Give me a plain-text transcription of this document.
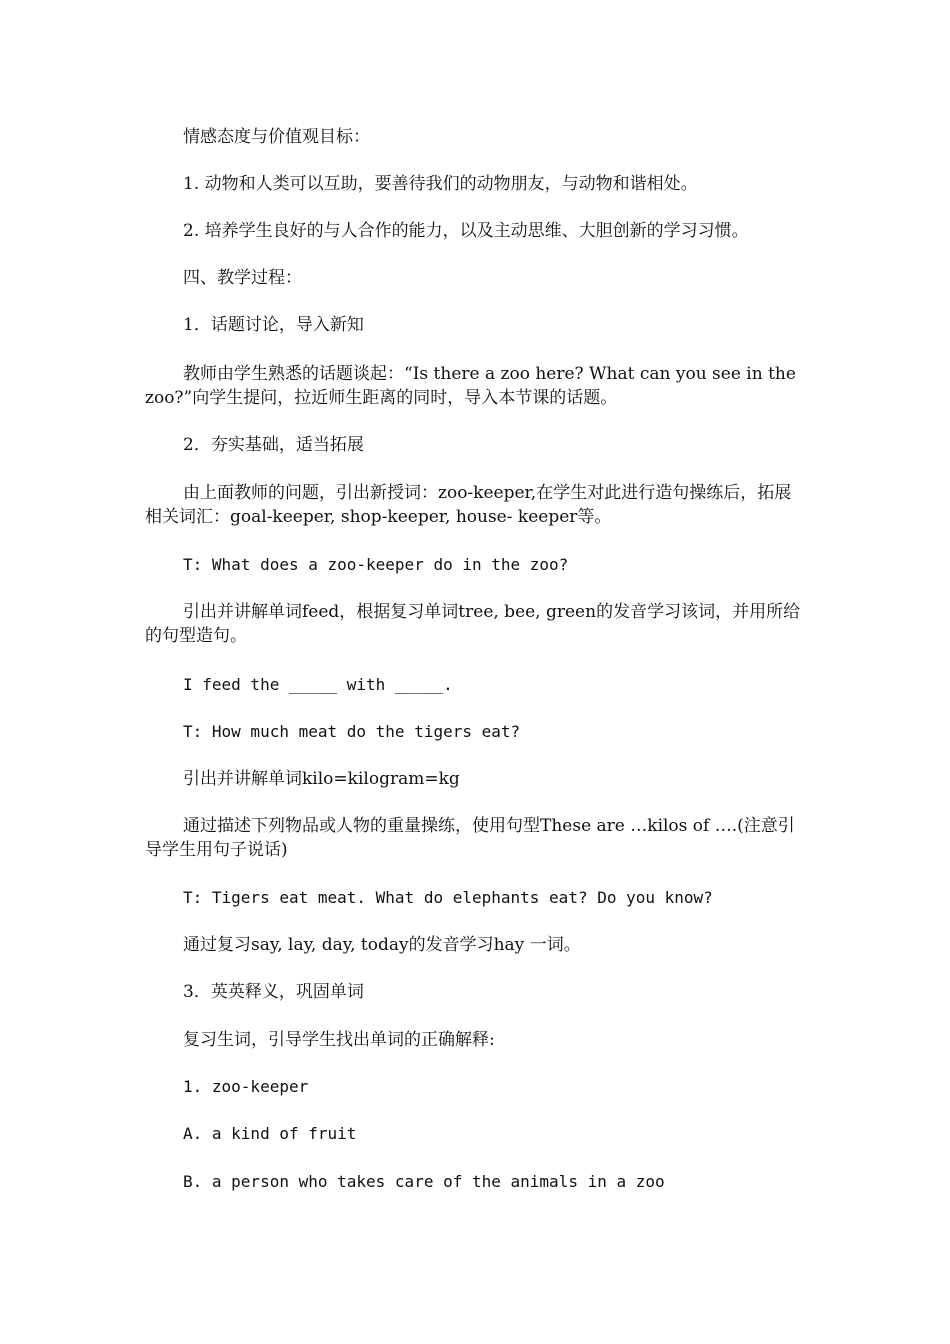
情感态度与价值观目标：

1. 动物和人类可以互助，要善待我们的动物朋友，与动物和谐相处。

2. 培养学生良好的与人合作的能力，以及主动思维、大胆创新的学习习惯。

四、教学过程：

1．话题讨论，导入新知

教师由学生熟悉的话题谈起：“Is there a zoo here? What can you see in the zoo?”向学生提问，拉近师生距离的同时，导入本节课的话题。

2．夯实基础，适当拓展

由上面教师的问题，引出新授词：zoo-keeper,在学生对此进行造句操练后，拓展相关词汇：goal-keeper, shop-keeper, house- keeper等。

T: What does a zoo-keeper do in the zoo?

引出并讲解单词feed，根据复习单词tree, bee, green的发音学习该词，并用所给的句型造句。

I feed the _____ with _____.

T: How much meat do the tigers eat?

引出并讲解单词kilo=kilogram=kg

通过描述下列物品或人物的重量操练，使用句型These are …kilos of ….(注意引导学生用句子说话)

T: Tigers eat meat. What do elephants eat? Do you know?

通过复习say, lay, day, today的发音学习hay 一词。

3．英英释义，巩固单词

复习生词，引导学生找出单词的正确解释:

1. zoo-keeper

A. a kind of fruit

B. a person who takes care of the animals in a zoo
